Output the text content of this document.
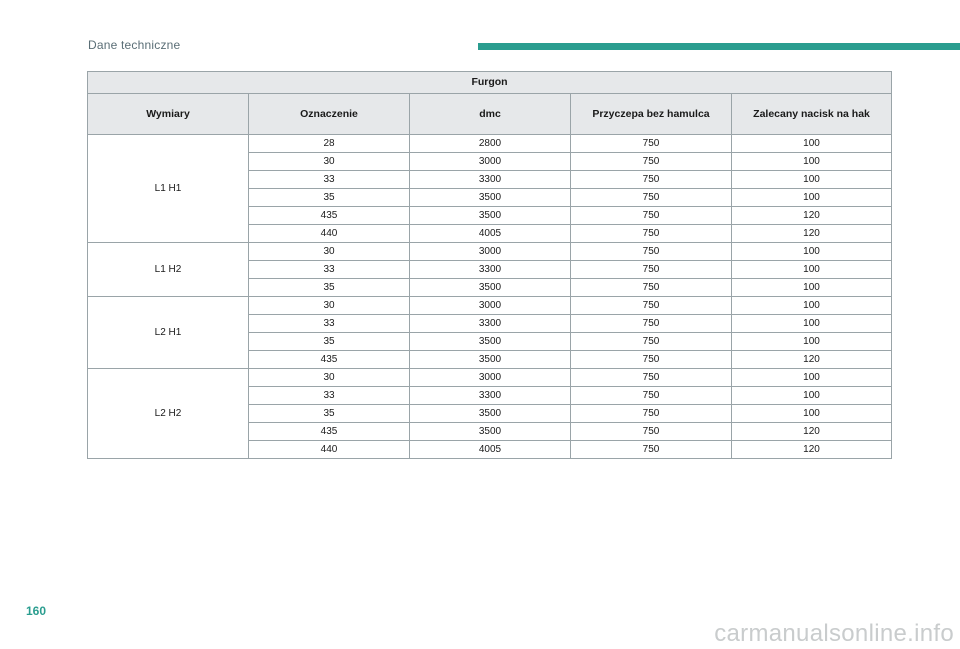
Dane techniczne
Furgon				
Wymiary	Oznaczenie	dmc	Przyczepa bez hamulca	Zalecany nacisk na hak
L1 H1	28	2800	750	100
	30	3000	750	100
	33	3300	750	100
	35	3500	750	100
	435	3500	750	120
	440	4005	750	120
L1 H2	30	3000	750	100
	33	3300	750	100
	35	3500	750	100
L2 H1	30	3000	750	100
	33	3300	750	100
	35	3500	750	100
	435	3500	750	120
L2 H2	30	3000	750	100
	33	3300	750	100
	35	3500	750	100
	435	3500	750	120
	440	4005	750	120
160
carmanualsonline.info
